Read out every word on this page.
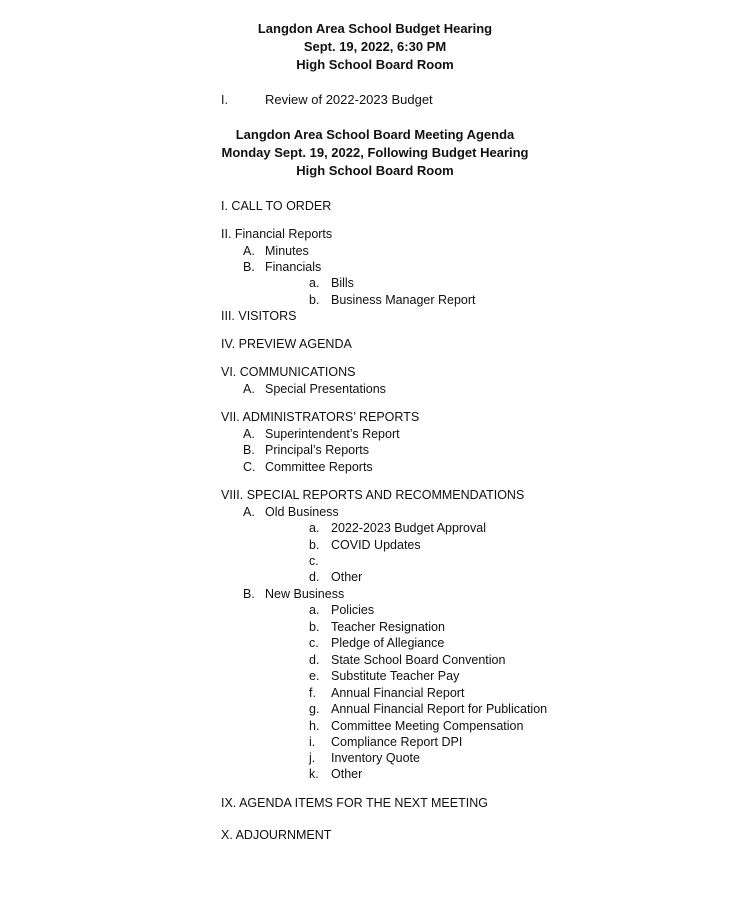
Langdon Area School Budget Hearing
Sept. 19, 2022, 6:30 PM
High School Board Room
I.	Review of 2022-2023 Budget
Langdon Area School Board Meeting Agenda
Monday Sept. 19, 2022, Following Budget Hearing
High School Board Room
I. CALL TO ORDER
II. Financial Reports
A. Minutes
B. Financials
a. Bills
b. Business Manager Report
III. VISITORS
IV. PREVIEW AGENDA
VI. COMMUNICATIONS
A. Special Presentations
VII. ADMINISTRATORS’ REPORTS
A. Superintendent’s Report
B. Principal’s Reports
C. Committee Reports
VIII. SPECIAL REPORTS AND RECOMMENDATIONS
A. Old Business
a. 2022-2023 Budget Approval
b. COVID Updates
c.
d. Other
B. New Business
a. Policies
b. Teacher Resignation
c. Pledge of Allegiance
d. State School Board Convention
e. Substitute Teacher Pay
f. Annual Financial Report
g. Annual Financial Report for Publication
h. Committee Meeting Compensation
i. Compliance Report DPI
j. Inventory Quote
k. Other
IX. AGENDA ITEMS FOR THE NEXT MEETING
X. ADJOURNMENT
